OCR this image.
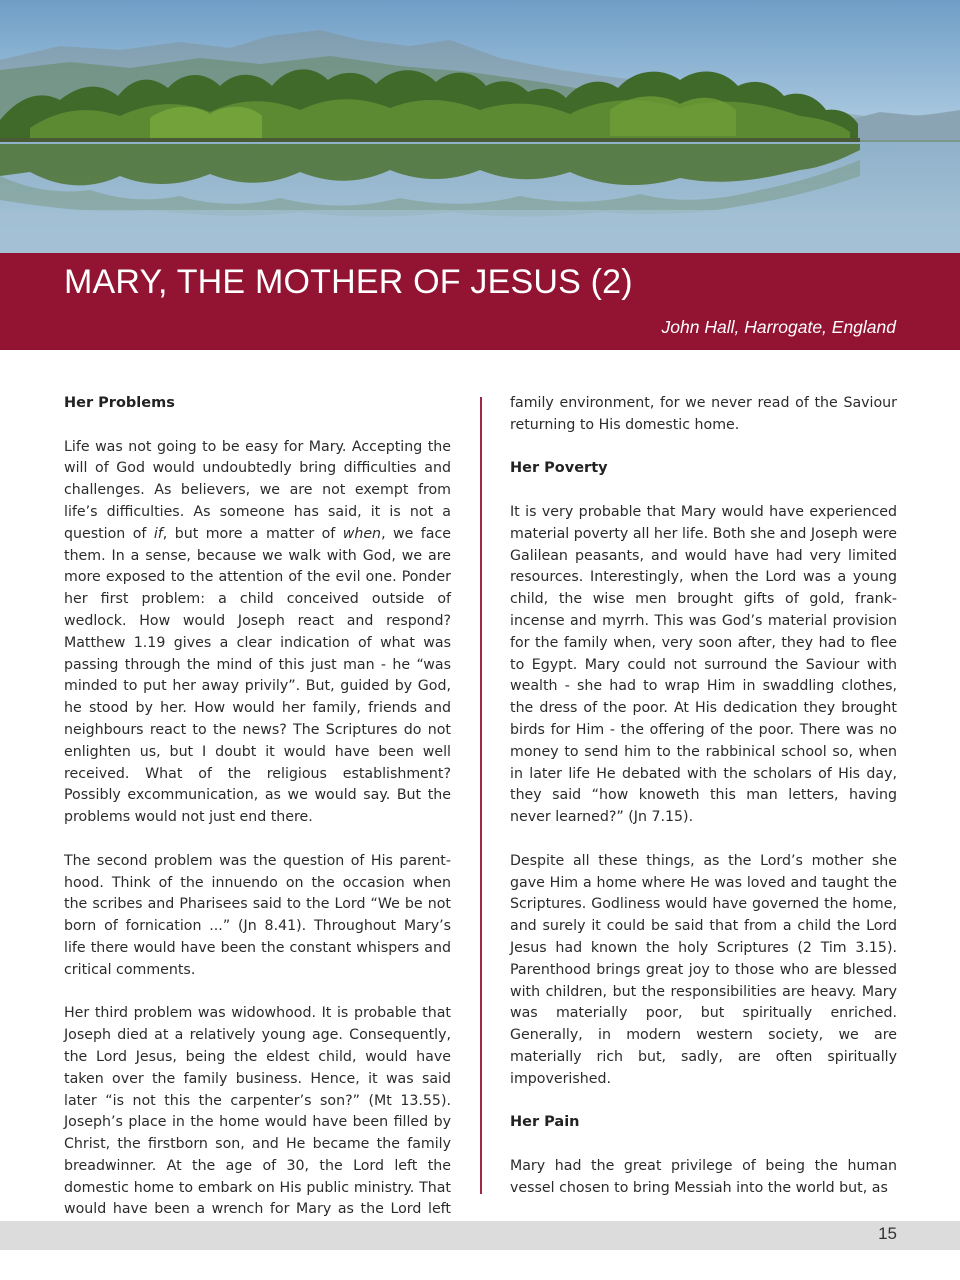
MARY, THE MOTHER OF JESUS (2)
John Hall, Harrogate, England
Her Problems

Life was not going to be easy for Mary. Accepting the will of God would undoubtedly bring difficulties and challenges. As believers, we are not exempt from life’s difficulties. As someone has said, it is not a question of if, but more a matter of when, we face them. In a sense, because we walk with God, we are more exposed to the attention of the evil one. Ponder her first problem: a child conceived outside of wedlock. How would Joseph react and respond? Matthew 1.19 gives a clear indication of what was passing through the mind of this just man - he “was minded to put her away privily”. But, guided by God, he stood by her. How would her family, friends and neighbours react to the news? The Scriptures do not enlighten us, but I doubt it would have been well received. What of the religious establishment? Possibly excommunication, as we would say. But the problems would not just end there.

The second problem was the question of His parenthood. Think of the innuendo on the occasion when the scribes and Pharisees said to the Lord “We be not born of fornication ...” (Jn 8.41). Throughout Mary’s life there would have been the constant whispers and critical comments.

Her third problem was widowhood. It is probable that Joseph died at a relatively young age. Consequently, the Lord Jesus, being the eldest child, would have taken over the family business. Hence, it was said later “is not this the carpenter’s son?” (Mt 13.55). Joseph’s place in the home would have been filled by Christ, the firstborn son, and He became the family breadwinner. At the age of 30, the Lord left the domestic home to embark on His public ministry. That would have been a wrench for Mary as the Lord left

family environment, for we never read of the Saviour returning to His domestic home.

Her Poverty

It is very probable that Mary would have experienced material poverty all her life. Both she and Joseph were Galilean peasants, and would have had very limited resources. Interestingly, when the Lord was a young child, the wise men brought gifts of gold, frankincense and myrrh. This was God’s material provision for the family when, very soon after, they had to flee to Egypt. Mary could not surround the Saviour with wealth - she had to wrap Him in swaddling clothes, the dress of the poor. At His dedication they brought birds for Him - the offering of the poor. There was no money to send him to the rabbinical school so, when in later life He debated with the scholars of His day, they said “how knoweth this man letters, having never learned?” (Jn 7.15).

Despite all these things, as the Lord’s mother she gave Him a home where He was loved and taught the Scriptures. Godliness would have governed the home, and surely it could be said that from a child the Lord Jesus had known the holy Scriptures (2 Tim 3.15). Parenthood brings great joy to those who are blessed with children, but the responsibilities are heavy. Mary was materially poor, but spiritually enriched. Generally, in modern western society, we are materially rich but, sadly, are often spiritually impoverished.

Her Pain

Mary had the great privilege of being the human vessel chosen to bring Messiah into the world but, as

15
